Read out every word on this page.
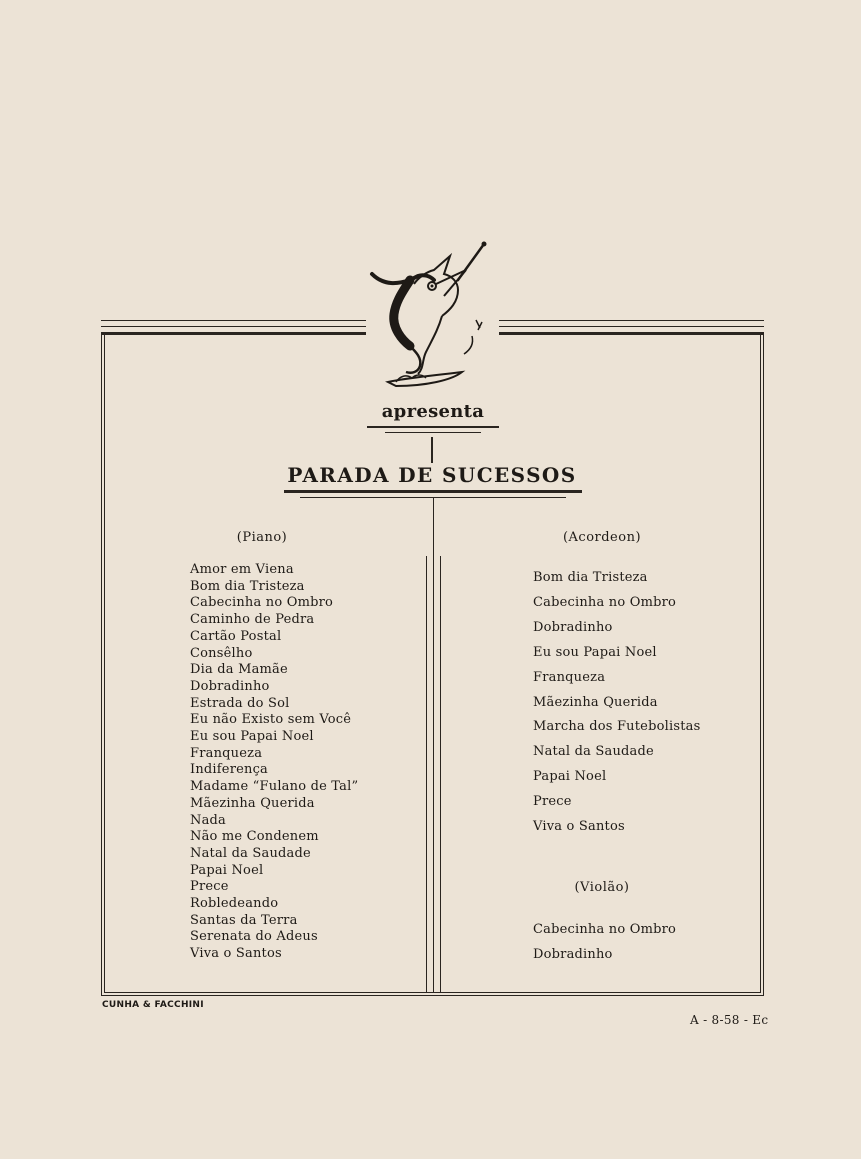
apresenta
PARADA DE SUCESSOS
(Piano)
Amor em Viena
Bom dia Tristeza
Cabecinha no Ombro
Caminho de Pedra
Cartão Postal
Consêlho
Dia da Mamãe
Dobradinho
Estrada do Sol
Eu não Existo sem Você
Eu sou Papai Noel
Franqueza
Indiferença
Madame “Fulano de Tal”
Mãezinha Querida
Nada
Não me Condenem
Natal da Saudade
Papai Noel
Prece
Robledeando
Santas da Terra
Serenata do Adeus
Viva o Santos
(Acordeon)
Bom dia Tristeza
Cabecinha no Ombro
Dobradinho
Eu sou Papai Noel
Franqueza
Mãezinha Querida
Marcha dos Futebolistas
Natal da Saudade
Papai Noel
Prece
Viva o Santos
(Violão)
Cabecinha no Ombro
Dobradinho
CUNHA & FACCHINI
A - 8-58 - Ec
